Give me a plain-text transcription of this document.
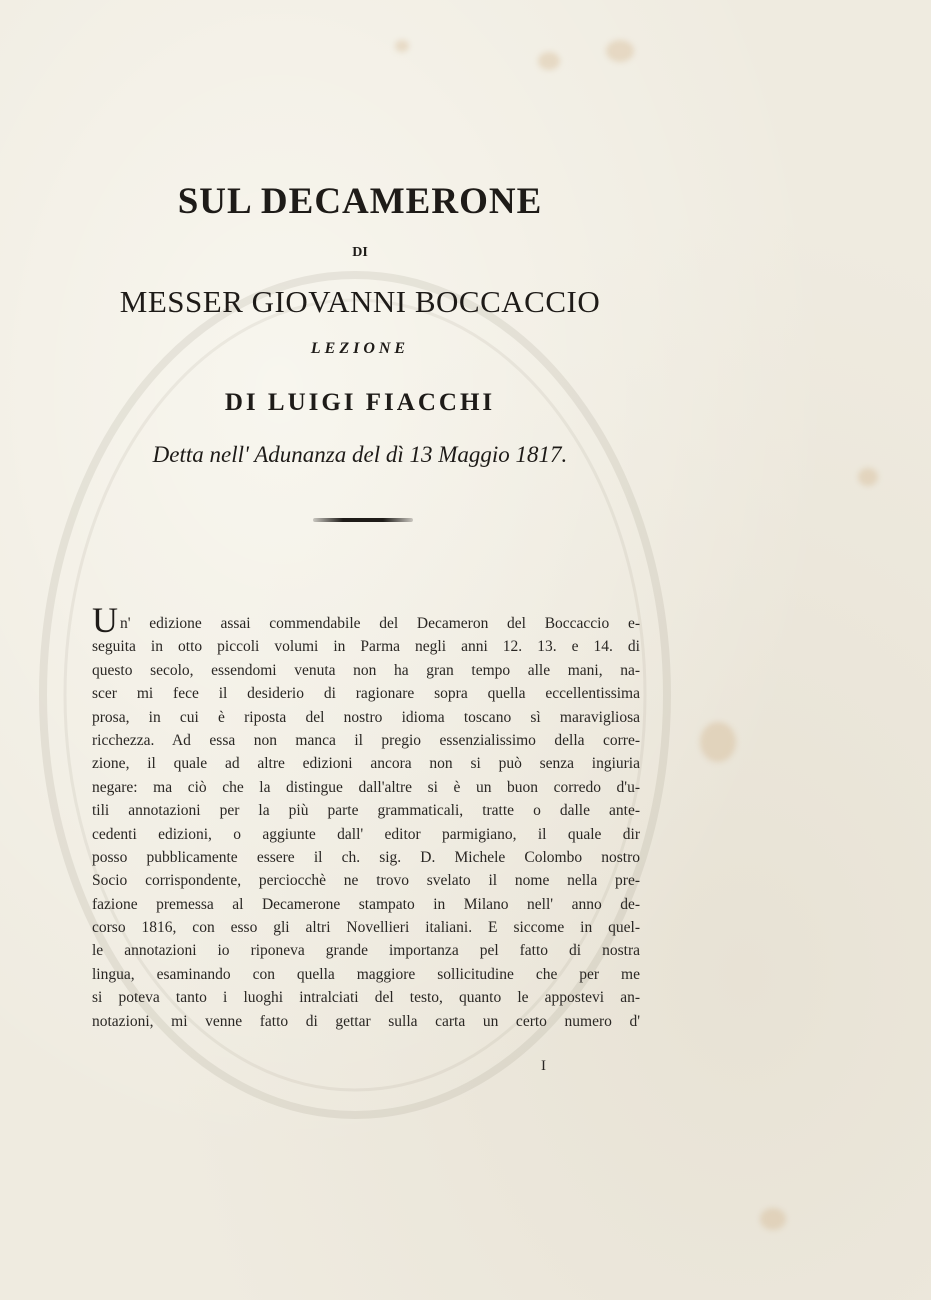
SUL DECAMERONE
DI
MESSER GIOVANNI BOCCACCIO
LEZIONE
DI LUIGI FIACCHI
Detta nell' Adunanza del dì 13 Maggio 1817.
U n' edizione assai commendabile del Decameron del Boccaccio e-
seguita in otto piccoli volumi in Parma negli anni 12. 13. e 14. di
questo secolo, essendomi venuta non ha gran tempo alle mani, na-
scer mi fece il desiderio di ragionare sopra quella eccellentissima
prosa, in cui è riposta del nostro idioma toscano sì maravigliosa
ricchezza. Ad essa non manca il pregio essenzialissimo della corre-
zione, il quale ad altre edizioni ancora non si può senza ingiuria
negare: ma ciò che la distingue dall'altre si è un buon corredo d'u-
tili annotazioni per la più parte grammaticali, tratte o dalle ante-
cedenti edizioni, o aggiunte dall' editor parmigiano, il quale dir
posso pubblicamente essere il ch. sig. D. Michele Colombo nostro
Socio corrispondente, perciocchè ne trovo svelato il nome nella pre-
fazione premessa al Decamerone stampato in Milano nell' anno de-
corso 1816, con esso gli altri Novellieri italiani. E siccome in quel-
le annotazioni io riponeva grande importanza pel fatto di nostra
lingua, esaminando con quella maggiore sollicitudine che per me
si poteva tanto i luoghi intralciati del testo, quanto le appostevi an-
notazioni, mi venne fatto di gettar sulla carta un certo numero d'
I
